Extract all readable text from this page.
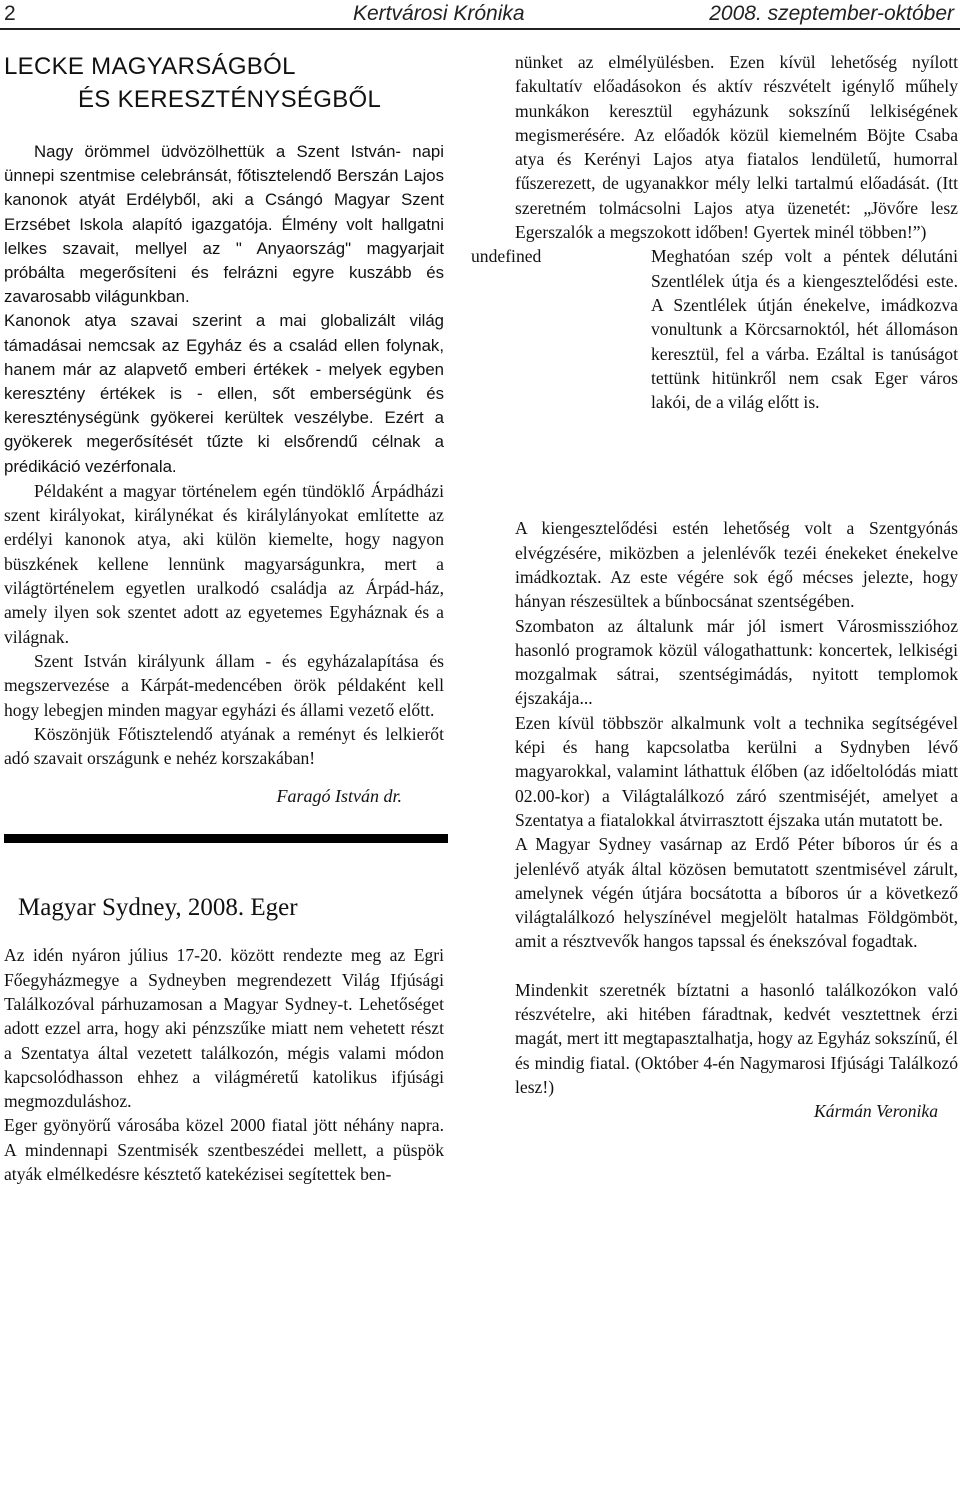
2	Kertvárosi Krónika	2008. szeptember-október
LECKE MAGYARSÁGBÓL
ÉS KERESZTÉNYSÉGBŐL

Nagy örömmel üdvözölhettük a Szent István- napi ünnepi szentmise celebránsát, főtisztelendő Berszán Lajos kanonok atyát Erdélyből, aki a Csángó Magyar Szent Erzsébet Iskola alapító igazgatója. Élmény volt hallgatni lelkes szavait, mellyel az " Anyaország" magyarjait próbálta megerősíteni és felrázni egyre kuszább és zavarosabb világunkban.

Kanonok atya szavai szerint a mai globalizált világ támadásai nemcsak az Egyház és a család ellen folynak, hanem már az alapvető emberi értékek - melyek egyben keresztény értékek is - ellen, sőt emberségünk és kereszténységünk gyökerei kerültek veszélybe. Ezért a gyökerek megerősítését tűzte ki elsőrendű célnak a prédikáció vezérfonala.

Példaként a magyar történelem egén tündöklő Árpádházi szent királyokat, királynékat és királylányokat említette az erdélyi kanonok atya, aki külön kiemelte, hogy nagyon büszkének kellene lennünk magyarságunkra, mert a világtörténelem egyetlen uralkodó családja az Árpád-ház, amely ilyen sok szentet adott az egyetemes Egyháznak és a világnak.

Szent István királyunk állam - és egyházalapítása és megszervezése a Kárpát-medencében örök példaként kell hogy lebegjen minden magyar egyházi és állami vezető előtt.

Köszönjük Főtisztelendő atyának a reményt és lelkierőt adó szavait országunk e nehéz korszakában!

Faragó István dr.

Magyar Sydney, 2008. Eger

Az idén nyáron július 17-20. között rendezte meg az Egri Főegyházmegye a Sydneyben megrendezett Világ Ifjúsági Találkozóval párhuzamosan a Magyar Sydney-t. Lehetőséget adott ezzel arra, hogy aki pénzszűke miatt nem vehetett részt a Szentatya által vezetett találkozón, mégis valami módon kapcsolódhasson ehhez a világméretű katolikus ifjúsági megmozduláshoz.

Eger gyönyörű városába közel 2000 fiatal jött néhány napra. A mindennapi Szentmisék szentbeszédei mellett, a püspök atyák elmélkedésre késztető katekézisei segítettek ben-

nünket az elmélyülésben. Ezen kívül lehetőség nyílott fakultatív előadásokon és aktív részvételt igénylő műhely munkákon keresztül egyházunk sokszínű lelkiségének megismerésére. Az előadók közül kiemelném Böjte Csaba atya és Kerényi Lajos atya fiatalos lendületű, humorral fűszerezett, de ugyanakkor mély lelki tartalmú előadását. (Itt szeretném tolmácsolni Lajos atya üzenetét: „Jövőre lesz Egerszalók a megszokott időben! Gyertek minél többen!”)

undefined	Meghatóan szép volt a péntek délutáni Szentlélek útja és a kiengesztelődési este. A Szentlélek útján énekelve, imádkozva vonultunk a Körcsarnoktól, hét állomáson keresztül, fel a várba. Ezáltal is tanúságot tettünk hitünkről nem csak Eger város lakói, de a világ előtt is.

A kiengesztelődési estén lehetőség volt a Szentgyónás elvégzésére, miközben a jelenlévők tezéi énekeket énekelve imádkoztak. Az este végére sok égő mécses jelezte, hogy hányan részesültek a bűnbocsánat szentségében.

Szombaton az általunk már jól ismert Városmisszióhoz hasonló programok közül válogathattunk: koncertek, lelkiségi mozgalmak sátrai, szentségimádás, nyitott templomok éjszakája...

Ezen kívül többször alkalmunk volt a technika segítségével képi és hang kapcsolatba kerülni a Sydnyben lévő magyarokkal, valamint láthattuk élőben (az időeltolódás miatt 02.00-kor) a Világtalálkozó záró szentmiséjét, amelyet a Szentatya a fiatalokkal átvirrasztott éjszaka után mutatott be.

A Magyar Sydney vasárnap az Erdő Péter bíboros úr és a jelenlévő atyák által közösen bemutatott szentmisével zárult, amelynek végén útjára bocsátotta a bíboros úr a következő világtalálkozó helyszínével megjelölt hatalmas Földgömböt, amit a résztvevők hangos tapssal és énekszóval fogadtak.

Mindenkit szeretnék bíztatni a hasonló találkozókon való részvételre, aki hitében fáradtnak, kedvét vesztettnek érzi magát, mert itt megtapasztalhatja, hogy az Egyház sokszínű, él és mindig fiatal. (Október 4-én Nagymarosi Ifjúsági Találkozó lesz!)

Kármán Veronika
